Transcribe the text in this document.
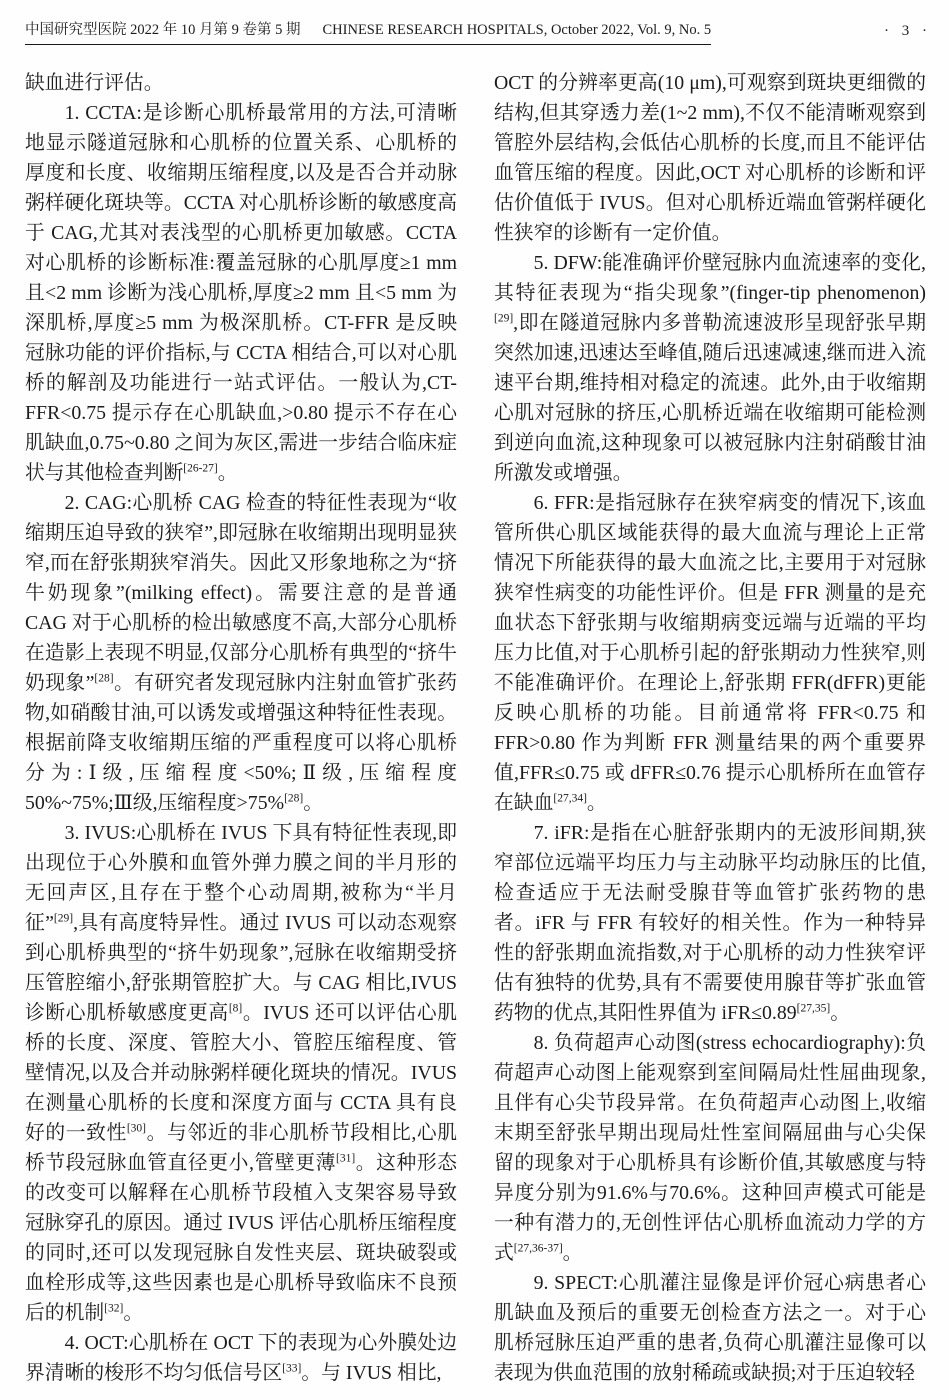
中国研究型医院 2022 年 10 月第 9 卷第 5 期 CHINESE RESEARCH HOSPITALS, October 2022, Vol. 9, No. 5	· 3 ·

缺血进行评估。

1. CCTA:是诊断心肌桥最常用的方法,可清晰地显示隧道冠脉和心肌桥的位置关系、心肌桥的厚度和长度、收缩期压缩程度,以及是否合并动脉粥样硬化斑块等。CCTA 对心肌桥诊断的敏感度高于 CAG,尤其对表浅型的心肌桥更加敏感。CCTA 对心肌桥的诊断标准:覆盖冠脉的心肌厚度≥1 mm 且<2 mm 诊断为浅心肌桥,厚度≥2 mm 且<5 mm 为深肌桥,厚度≥5 mm 为极深肌桥。CT-FFR 是反映冠脉功能的评价指标,与 CCTA 相结合,可以对心肌桥的解剖及功能进行一站式评估。一般认为,CT-FFR<0.75 提示存在心肌缺血,>0.80 提示不存在心肌缺血,0.75~0.80 之间为灰区,需进一步结合临床症状与其他检查判断[26-27]。

2. CAG:心肌桥 CAG 检查的特征性表现为“收缩期压迫导致的狭窄”,即冠脉在收缩期出现明显狭窄,而在舒张期狭窄消失。因此又形象地称之为“挤牛奶现象”(milking effect)。需要注意的是普通 CAG 对于心肌桥的检出敏感度不高,大部分心肌桥在造影上表现不明显,仅部分心肌桥有典型的“挤牛奶现象”[28]。有研究者发现冠脉内注射血管扩张药物,如硝酸甘油,可以诱发或增强这种特征性表现。根据前降支收缩期压缩的严重程度可以将心肌桥分为:Ⅰ级,压缩程度<50%;Ⅱ级,压缩程度50%~75%;Ⅲ级,压缩程度>75%[28]。

3. IVUS:心肌桥在 IVUS 下具有特征性表现,即出现位于心外膜和血管外弹力膜之间的半月形的无回声区,且存在于整个心动周期,被称为“半月征”[29],具有高度特异性。通过 IVUS 可以动态观察到心肌桥典型的“挤牛奶现象”,冠脉在收缩期受挤压管腔缩小,舒张期管腔扩大。与 CAG 相比,IVUS 诊断心肌桥敏感度更高[8]。IVUS 还可以评估心肌桥的长度、深度、管腔大小、管腔压缩程度、管壁情况,以及合并动脉粥样硬化斑块的情况。IVUS 在测量心肌桥的长度和深度方面与 CCTA 具有良好的一致性[30]。与邻近的非心肌桥节段相比,心肌桥节段冠脉血管直径更小,管壁更薄[31]。这种形态的改变可以解释在心肌桥节段植入支架容易导致冠脉穿孔的原因。通过 IVUS 评估心肌桥压缩程度的同时,还可以发现冠脉自发性夹层、斑块破裂或血栓形成等,这些因素也是心肌桥导致临床不良预后的机制[32]。

4. OCT:心肌桥在 OCT 下的表现为心外膜处边界清晰的梭形不均匀低信号区[33]。与 IVUS 相比,

OCT 的分辨率更高(10 μm),可观察到斑块更细微的结构,但其穿透力差(1~2 mm),不仅不能清晰观察到管腔外层结构,会低估心肌桥的长度,而且不能评估血管压缩的程度。因此,OCT 对心肌桥的诊断和评估价值低于 IVUS。但对心肌桥近端血管粥样硬化性狭窄的诊断有一定价值。

5. DFW:能准确评价壁冠脉内血流速率的变化,其特征表现为“指尖现象”(finger-tip phenomenon)[29],即在隧道冠脉内多普勒流速波形呈现舒张早期突然加速,迅速达至峰值,随后迅速减速,继而进入流速平台期,维持相对稳定的流速。此外,由于收缩期心肌对冠脉的挤压,心肌桥近端在收缩期可能检测到逆向血流,这种现象可以被冠脉内注射硝酸甘油所激发或增强。

6. FFR:是指冠脉存在狭窄病变的情况下,该血管所供心肌区域能获得的最大血流与理论上正常情况下所能获得的最大血流之比,主要用于对冠脉狭窄性病变的功能性评价。但是 FFR 测量的是充血状态下舒张期与收缩期病变远端与近端的平均压力比值,对于心肌桥引起的舒张期动力性狭窄,则不能准确评价。在理论上,舒张期 FFR(dFFR)更能反映心肌桥的功能。目前通常将 FFR<0.75 和 FFR>0.80 作为判断 FFR 测量结果的两个重要界值,FFR≤0.75 或 dFFR≤0.76 提示心肌桥所在血管存在缺血[27,34]。

7. iFR:是指在心脏舒张期内的无波形间期,狭窄部位远端平均压力与主动脉平均动脉压的比值,检查适应于无法耐受腺苷等血管扩张药物的患者。iFR 与 FFR 有较好的相关性。作为一种特异性的舒张期血流指数,对于心肌桥的动力性狭窄评估有独特的优势,具有不需要使用腺苷等扩张血管药物的优点,其阳性界值为 iFR≤0.89[27,35]。

8. 负荷超声心动图(stress echocardiography):负荷超声心动图上能观察到室间隔局灶性屈曲现象,且伴有心尖节段异常。在负荷超声心动图上,收缩末期至舒张早期出现局灶性室间隔屈曲与心尖保留的现象对于心肌桥具有诊断价值,其敏感度与特异度分别为91.6%与70.6%。这种回声模式可能是一种有潜力的,无创性评估心肌桥血流动力学的方式[27,36-37]。

9. SPECT:心肌灌注显像是评价冠心病患者心肌缺血及预后的重要无创检查方法之一。对于心肌桥冠脉压迫严重的患者,负荷心肌灌注显像可以表现为供血范围的放射稀疏或缺损;对于压迫较轻
